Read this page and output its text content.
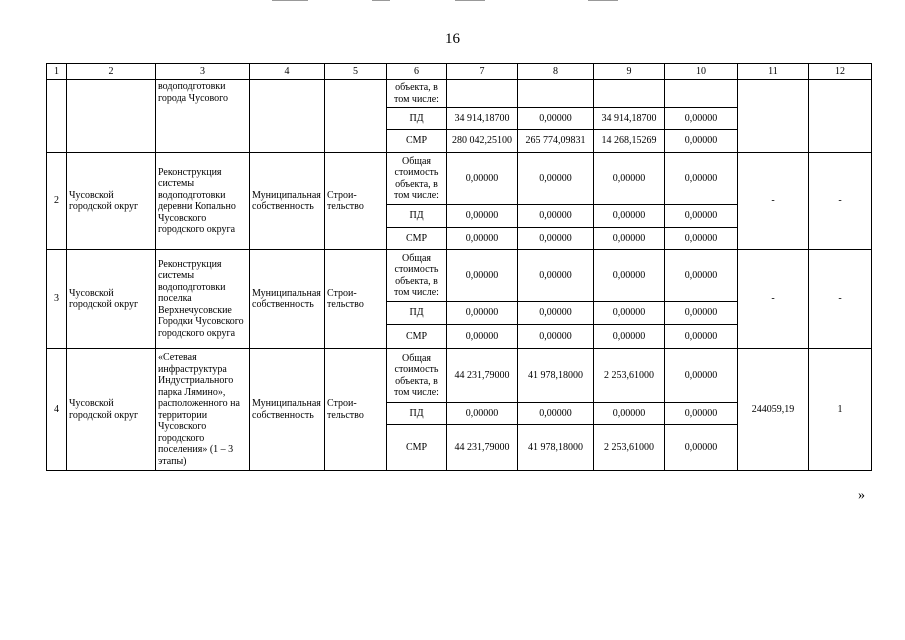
16
1	2	3	4	5	6	7	8	9	10	11	12
		водоподготовки города Чусового			объекта, в том числе:						
					ПД	34 914,18700	0,00000	34 914,18700	0,00000		
					СМР	280 042,25100	265 774,09831	14 268,15269	0,00000		
2	Чусовской городской округ	Реконструкция системы водоподготовки деревни Копально Чусовского городского округа	Муниципальная собственность	Строи-тельство	Общая стоимость объекта, в том числе:	0,00000	0,00000	0,00000	0,00000	-	-
					ПД	0,00000	0,00000	0,00000	0,00000		
					СМР	0,00000	0,00000	0,00000	0,00000		
3	Чусовской городской округ	Реконструкция системы водоподготовки поселка Верхнечусовские Городки Чусовского городского округа	Муниципальная собственность	Строи-тельство	Общая стоимость объекта, в том числе:	0,00000	0,00000	0,00000	0,00000	-	-
					ПД	0,00000	0,00000	0,00000	0,00000		
					СМР	0,00000	0,00000	0,00000	0,00000		
4	Чусовской городской округ	«Сетевая инфраструктура Индустриального парка Лямино», расположенного на территории Чусовского городского поселения» (1 – 3 этапы)	Муниципальная собственность	Строи-тельство	Общая стоимость объекта, в том числе:	44 231,79000	41 978,18000	2 253,61000	0,00000	244059,19	1
					ПД	0,00000	0,00000	0,00000	0,00000		
					СМР	44 231,79000	41 978,18000	2 253,61000	0,00000		
»
